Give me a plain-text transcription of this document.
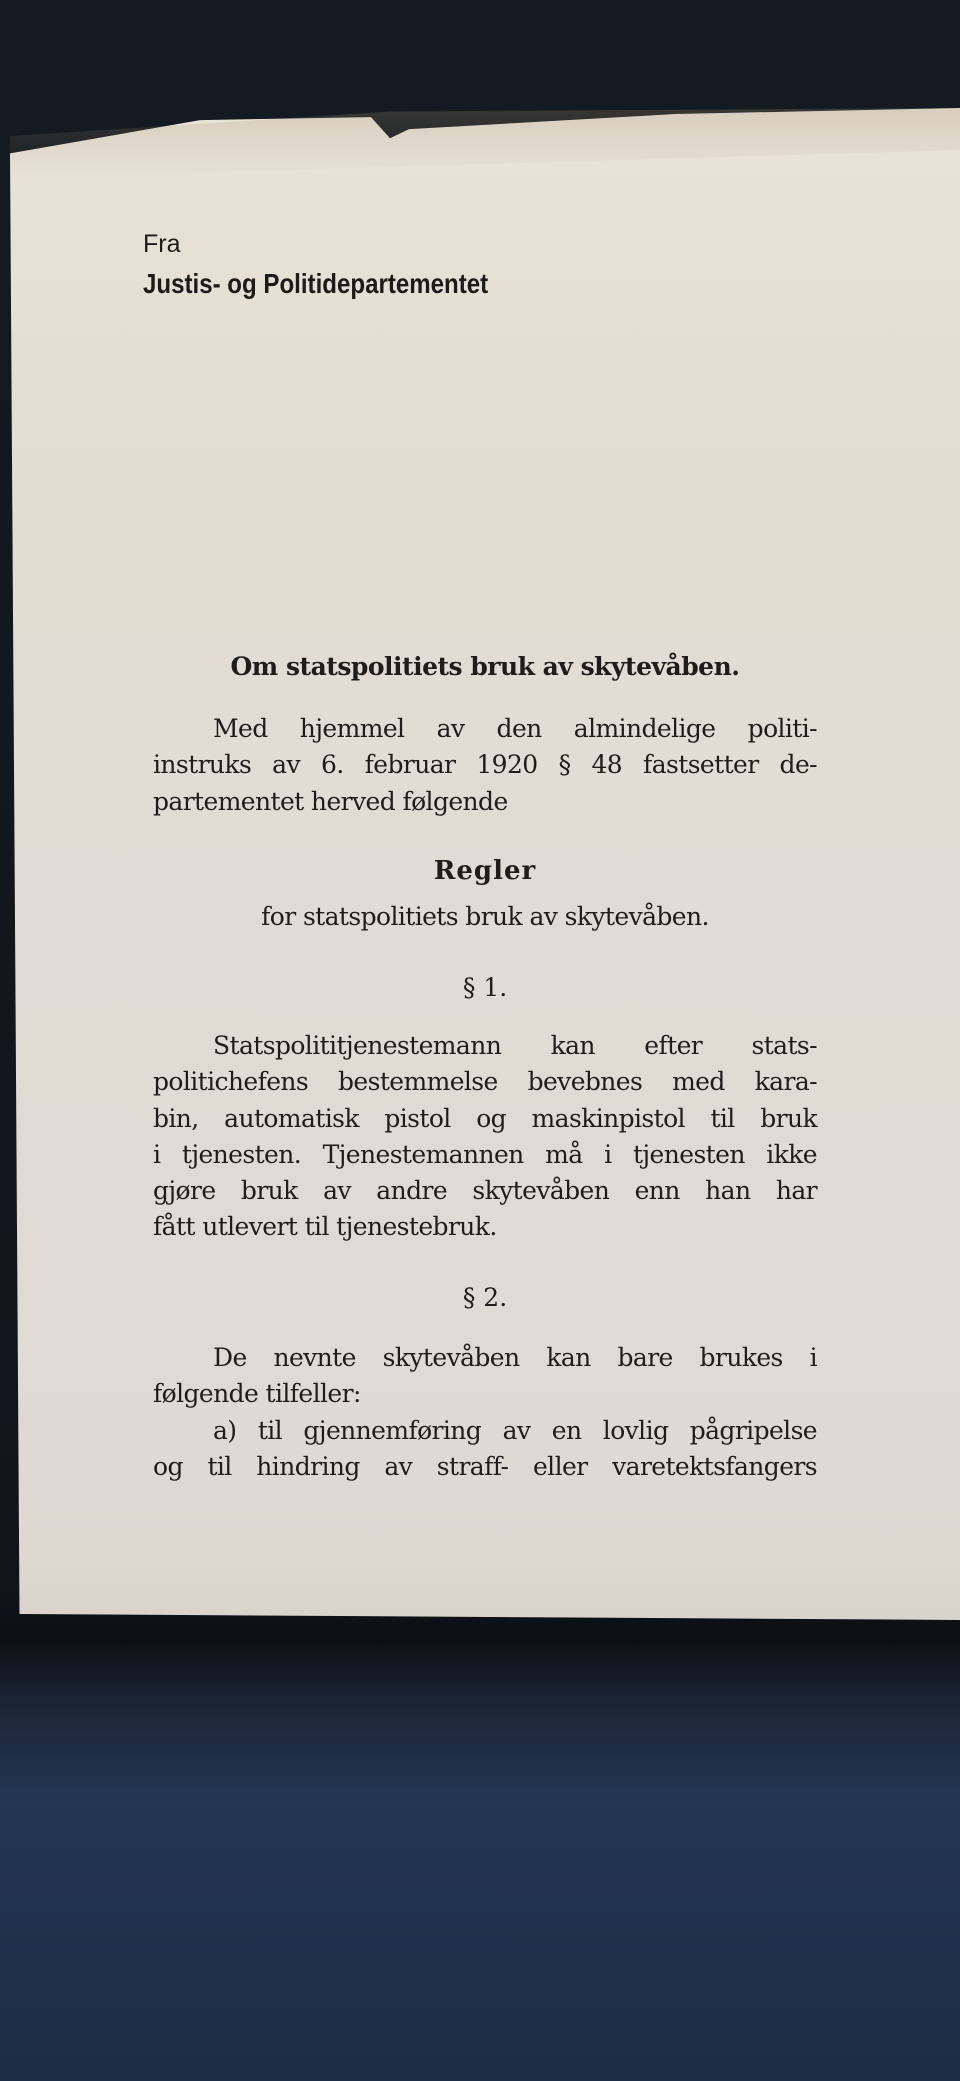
Fra
Justis- og Politidepartementet
Om statspolitiets bruk av skytevåben.
Med hjemmel av den almindelige politi-
instruks av 6. februar 1920 § 48 fastsetter de-
partementet herved følgende
Regler
for statspolitiets bruk av skytevåben.
§ 1.
Statspolititjenestemann kan efter stats-
politichefens bestemmelse bevebnes med kara-
bin, automatisk pistol og maskinpistol til bruk
i tjenesten. Tjenestemannen må i tjenesten ikke
gjøre bruk av andre skytevåben enn han har
fått utlevert til tjenestebruk.
§ 2.
De nevnte skytevåben kan bare brukes i
følgende tilfeller:
a) til gjennemføring av en lovlig pågripelse
og til hindring av straff- eller varetektsfangers
